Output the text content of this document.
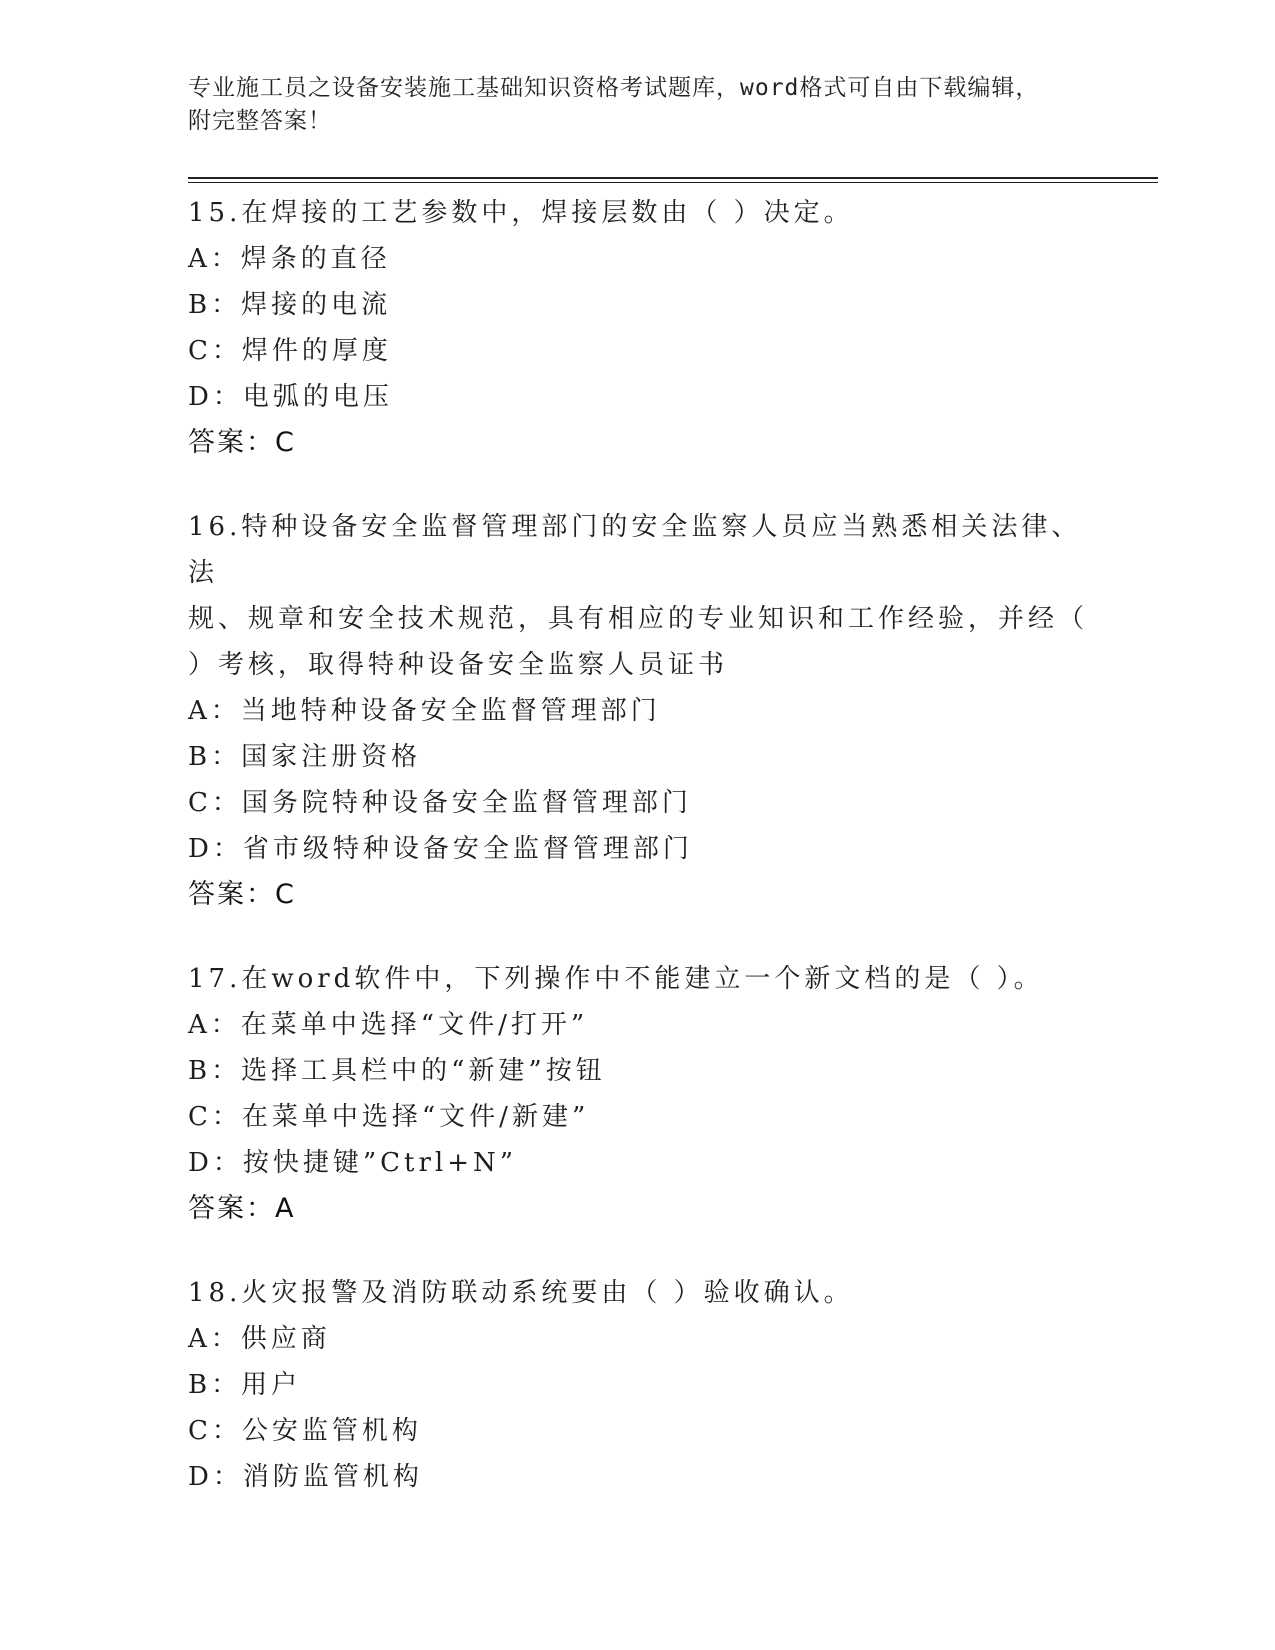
专业施工员之设备安装施工基础知识资格考试题库，word格式可自由下载编辑，
附完整答案！
15.在焊接的工艺参数中，焊接层数由（ ）决定。
A：焊条的直径
B：焊接的电流
C：焊件的厚度
D：电弧的电压
答案：C
16.特种设备安全监督管理部门的安全监察人员应当熟悉相关法律、法
规、规章和安全技术规范，具有相应的专业知识和工作经验，并经（
）考核，取得特种设备安全监察人员证书
A：当地特种设备安全监督管理部门
B：国家注册资格
C：国务院特种设备安全监督管理部门
D：省市级特种设备安全监督管理部门
答案：C
17.在word软件中，下列操作中不能建立一个新文档的是（ ）。
A：在菜单中选择“文件/打开”
B：选择工具栏中的“新建”按钮
C：在菜单中选择“文件/新建”
D：按快捷键”Ctrl+N”
答案：A
18.火灾报警及消防联动系统要由（ ）验收确认。
A：供应商
B：用户
C：公安监管机构
D：消防监管机构
